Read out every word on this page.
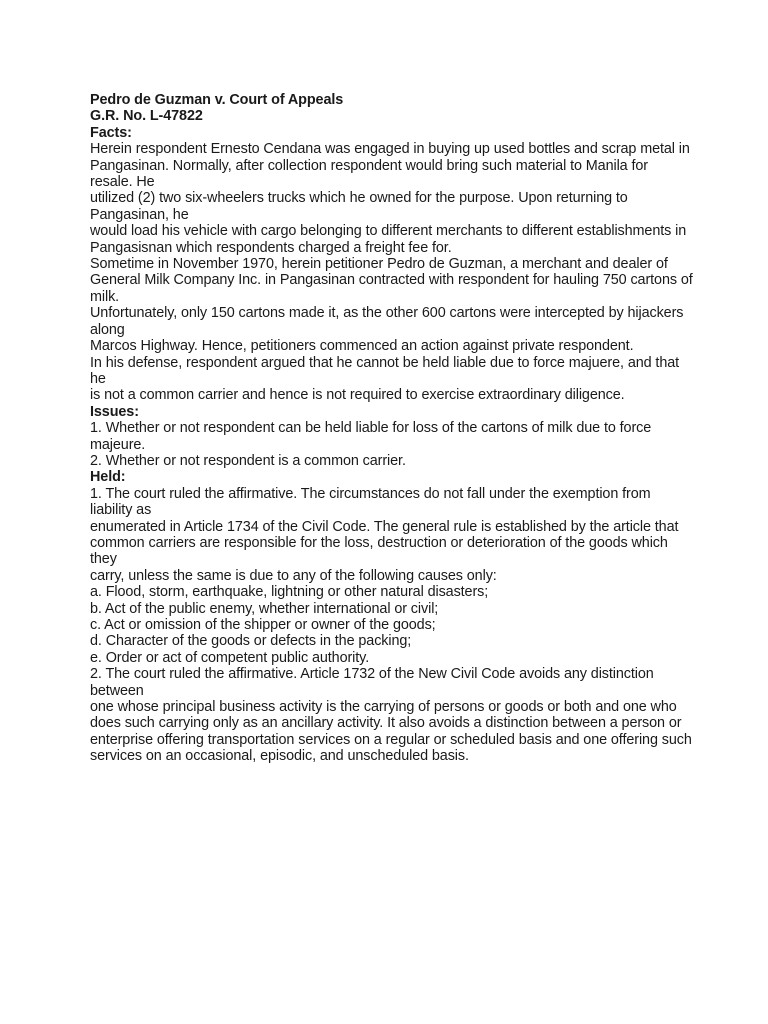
Pedro de Guzman v. Court of Appeals
G.R. No. L-47822
Facts:
Herein respondent Ernesto Cendana was engaged in buying up used bottles and scrap metal in
Pangasinan. Normally, after collection respondent would bring such material to Manila for
resale. He
utilized (2) two six-wheelers trucks which he owned for the purpose. Upon returning to
Pangasinan, he
would load his vehicle with cargo belonging to different merchants to different establishments in
Pangasisnan which respondents charged a freight fee for.
Sometime in November 1970, herein petitioner Pedro de Guzman, a merchant and dealer of
General Milk Company Inc. in Pangasinan contracted with respondent for hauling 750 cartons of
milk.
Unfortunately, only 150 cartons made it, as the other 600 cartons were intercepted by hijackers
along
Marcos Highway. Hence, petitioners commenced an action against private respondent.
In his defense, respondent argued that he cannot be held liable due to force majuere, and that
he
is not a common carrier and hence is not required to exercise extraordinary diligence.
Issues:
1. Whether or not respondent can be held liable for loss of the cartons of milk due to force
majeure.
2. Whether or not respondent is a common carrier.
Held:
1. The court ruled the affirmative. The circumstances do not fall under the exemption from
liability as
enumerated in Article 1734 of the Civil Code. The general rule is established by the article that
common carriers are responsible for the loss, destruction or deterioration of the goods which
they
carry, unless the same is due to any of the following causes only:
a. Flood, storm, earthquake, lightning or other natural disasters;
b. Act of the public enemy, whether international or civil;
c. Act or omission of the shipper or owner of the goods;
d. Character of the goods or defects in the packing;
e. Order or act of competent public authority.
2. The court ruled the affirmative. Article 1732 of the New Civil Code avoids any distinction
between
one whose principal business activity is the carrying of persons or goods or both and one who
does such carrying only as an ancillary activity. It also avoids a distinction between a person or
enterprise offering transportation services on a regular or scheduled basis and one offering such
services on an occasional, episodic, and unscheduled basis.
